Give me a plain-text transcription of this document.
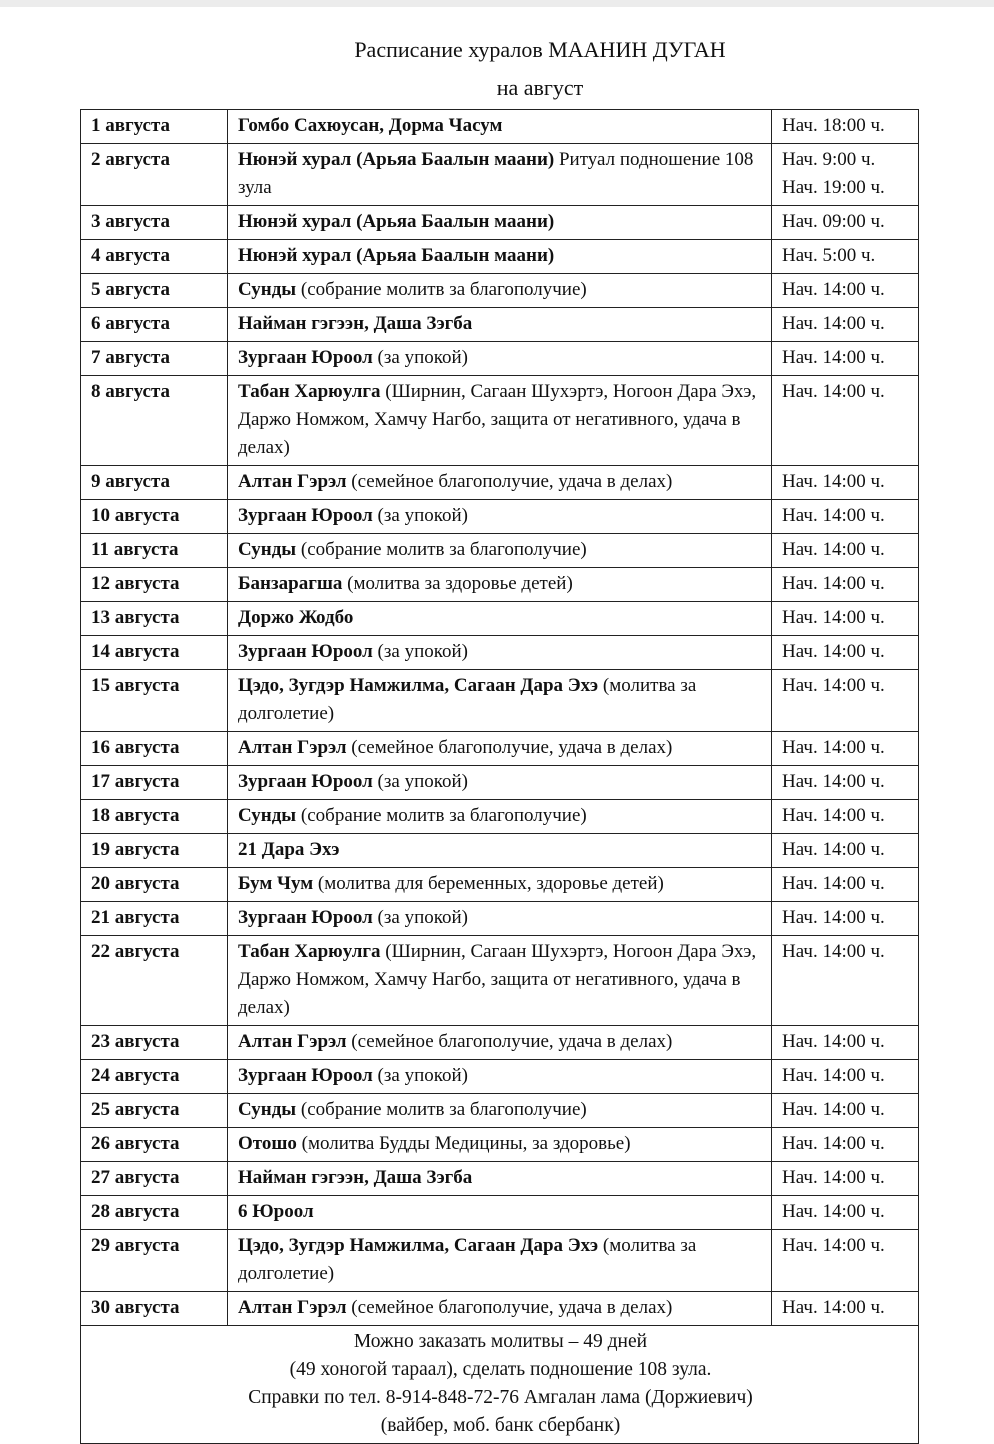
Расписание хуралов МААНИН ДУГАН
на август
1 августа	Гомбо Сахюусан, Дорма Часум	Нач. 18:00 ч.

2 августа	Нюнэй хурал (Арьяа Баалын маани) Ритуал подношение 108 зула	Нач. 9:00 ч.
Нач. 19:00 ч.

3 августа	Нюнэй хурал (Арьяа Баалын маани)	Нач. 09:00 ч.

4 августа	Нюнэй хурал (Арьяа Баалын маани)	Нач. 5:00 ч.

5 августа	Сунды (собрание молитв за благополучие)	Нач. 14:00 ч.

6 августа	Найман гэгээн, Даша Зэгба	Нач. 14:00 ч.

7 августа	Зургаан Юроол (за упокой)	Нач. 14:00 ч.

8 августа	Табан Харюулга (Ширнин, Сагаан Шухэртэ, Ногоон Дара Эхэ, Даржо Номжом, Хамчу Нагбо, защита от негативного, удача в делах)	Нач. 14:00 ч.

9 августа	Алтан Гэрэл (семейное благополучие, удача в делах)	Нач. 14:00 ч.

10 августа	Зургаан Юроол (за упокой)	Нач. 14:00 ч.

11 августа	Сунды (собрание молитв за благополучие)	Нач. 14:00 ч.

12 августа	Банзарагша (молитва за здоровье детей)	Нач. 14:00 ч.

13 августа	Доржо Жодбо	Нач. 14:00 ч.

14 августа	Зургаан Юроол (за упокой)	Нач. 14:00 ч.

15 августа	Цэдо, Зугдэр Намжилма, Сагаан Дара Эхэ (молитва за долголетие)	Нач. 14:00 ч.

16 августа	Алтан Гэрэл (семейное благополучие, удача в делах)	Нач. 14:00 ч.

17 августа	Зургаан Юроол (за упокой)	Нач. 14:00 ч.

18 августа	Сунды (собрание молитв за благополучие)	Нач. 14:00 ч.

19 августа	21 Дара Эхэ	Нач. 14:00 ч.

20 августа	Бум Чум (молитва для беременных, здоровье детей)	Нач. 14:00 ч.

21 августа	Зургаан Юроол (за упокой)	Нач. 14:00 ч.

22 августа	Табан Харюулга (Ширнин, Сагаан Шухэртэ, Ногоон Дара Эхэ, Даржо Номжом, Хамчу Нагбо, защита от негативного, удача в делах)	Нач. 14:00 ч.

23 августа	Алтан Гэрэл (семейное благополучие, удача в делах)	Нач. 14:00 ч.

24 августа	Зургаан Юроол (за упокой)	Нач. 14:00 ч.

25 августа	Сунды (собрание молитв за благополучие)	Нач. 14:00 ч.

26 августа	Отошо (молитва Будды Медицины, за здоровье)	Нач. 14:00 ч.

27 августа	Найман гэгээн, Даша Зэгба	Нач. 14:00 ч.

28 августа	6 Юроол	Нач. 14:00 ч.

29 августа	Цэдо, Зугдэр Намжилма, Сагаан Дара Эхэ (молитва за долголетие)	Нач. 14:00 ч.

30 августа	Алтан Гэрэл (семейное благополучие, удача в делах)	Нач. 14:00 ч.

Можно заказать молитвы – 49 дней
(49 хоногой тараал), сделать подношение 108 зула.
Справки по тел. 8-914-848-72-76 Амгалан лама (Доржиевич)
(вайбер, моб. банк сбербанк)		
